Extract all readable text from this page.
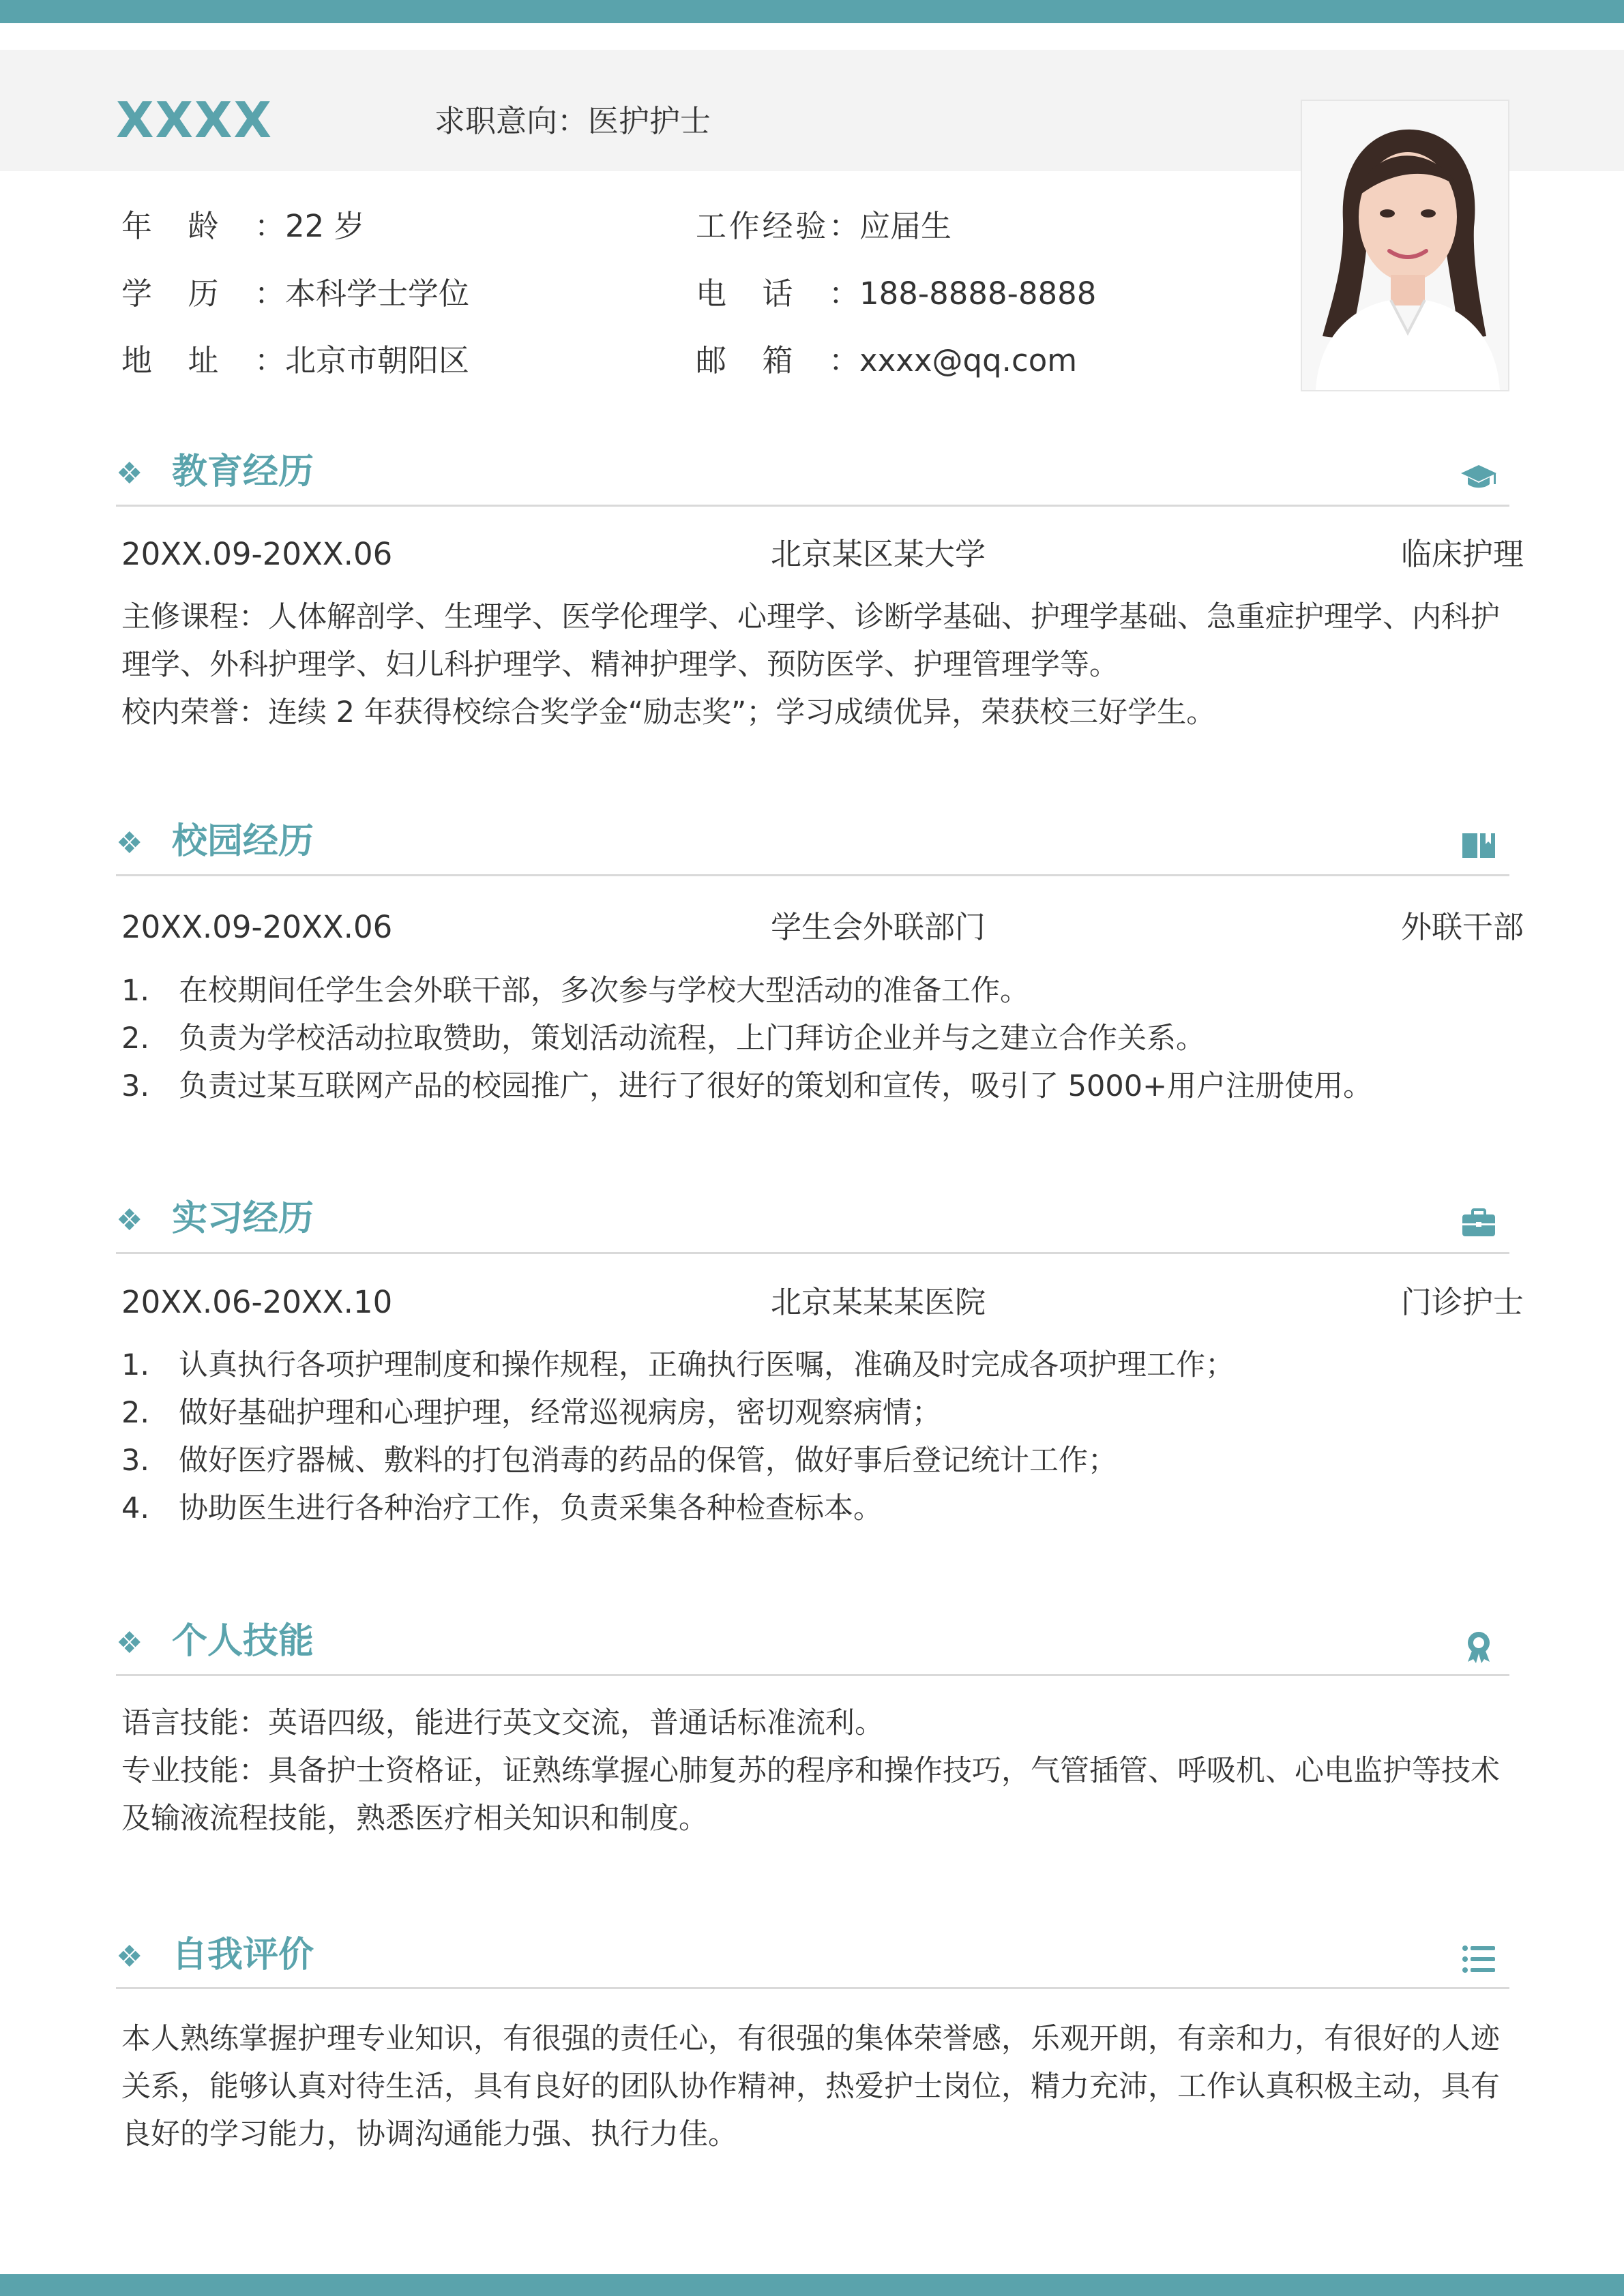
XXXX	求职意向：医护护士
年龄：22 岁	工作经验：应届生
学历：本科学士学位	电话：188-8888-8888
地址：北京市朝阳区	邮箱：xxxx@qq.com
❖ 教育经历
20XX.09-20XX.06	北京某区某大学	临床护理
主修课程：人体解剖学、生理学、医学伦理学、心理学、诊断学基础、护理学基础、急重症护理学、内科护理学、外科护理学、妇儿科护理学、精神护理学、预防医学、护理管理学等。
校内荣誉：连续 2 年获得校综合奖学金“励志奖”；学习成绩优异，荣获校三好学生。
❖ 校园经历
20XX.09-20XX.06	学生会外联部门	外联干部
1. 在校期间任学生会外联干部，多次参与学校大型活动的准备工作。
2. 负责为学校活动拉取赞助，策划活动流程，上门拜访企业并与之建立合作关系。
3. 负责过某互联网产品的校园推广，进行了很好的策划和宣传，吸引了 5000+用户注册使用。
❖ 实习经历
20XX.06-20XX.10	北京某某某医院	门诊护士
1. 认真执行各项护理制度和操作规程，正确执行医嘱，准确及时完成各项护理工作；
2. 做好基础护理和心理护理，经常巡视病房，密切观察病情；
3. 做好医疗器械、敷料的打包消毒的药品的保管，做好事后登记统计工作；
4. 协助医生进行各种治疗工作，负责采集各种检查标本。
❖ 个人技能
语言技能：英语四级，能进行英文交流，普通话标准流利。
专业技能：具备护士资格证，证熟练掌握心肺复苏的程序和操作技巧，气管插管、呼吸机、心电监护等技术及输液流程技能，熟悉医疗相关知识和制度。
❖ 自我评价
本人熟练掌握护理专业知识，有很强的责任心，有很强的集体荣誉感，乐观开朗，有亲和力，有很好的人迹关系，能够认真对待生活，具有良好的团队协作精神，热爱护士岗位，精力充沛，工作认真积极主动，具有良好的学习能力，协调沟通能力强、执行力佳。
